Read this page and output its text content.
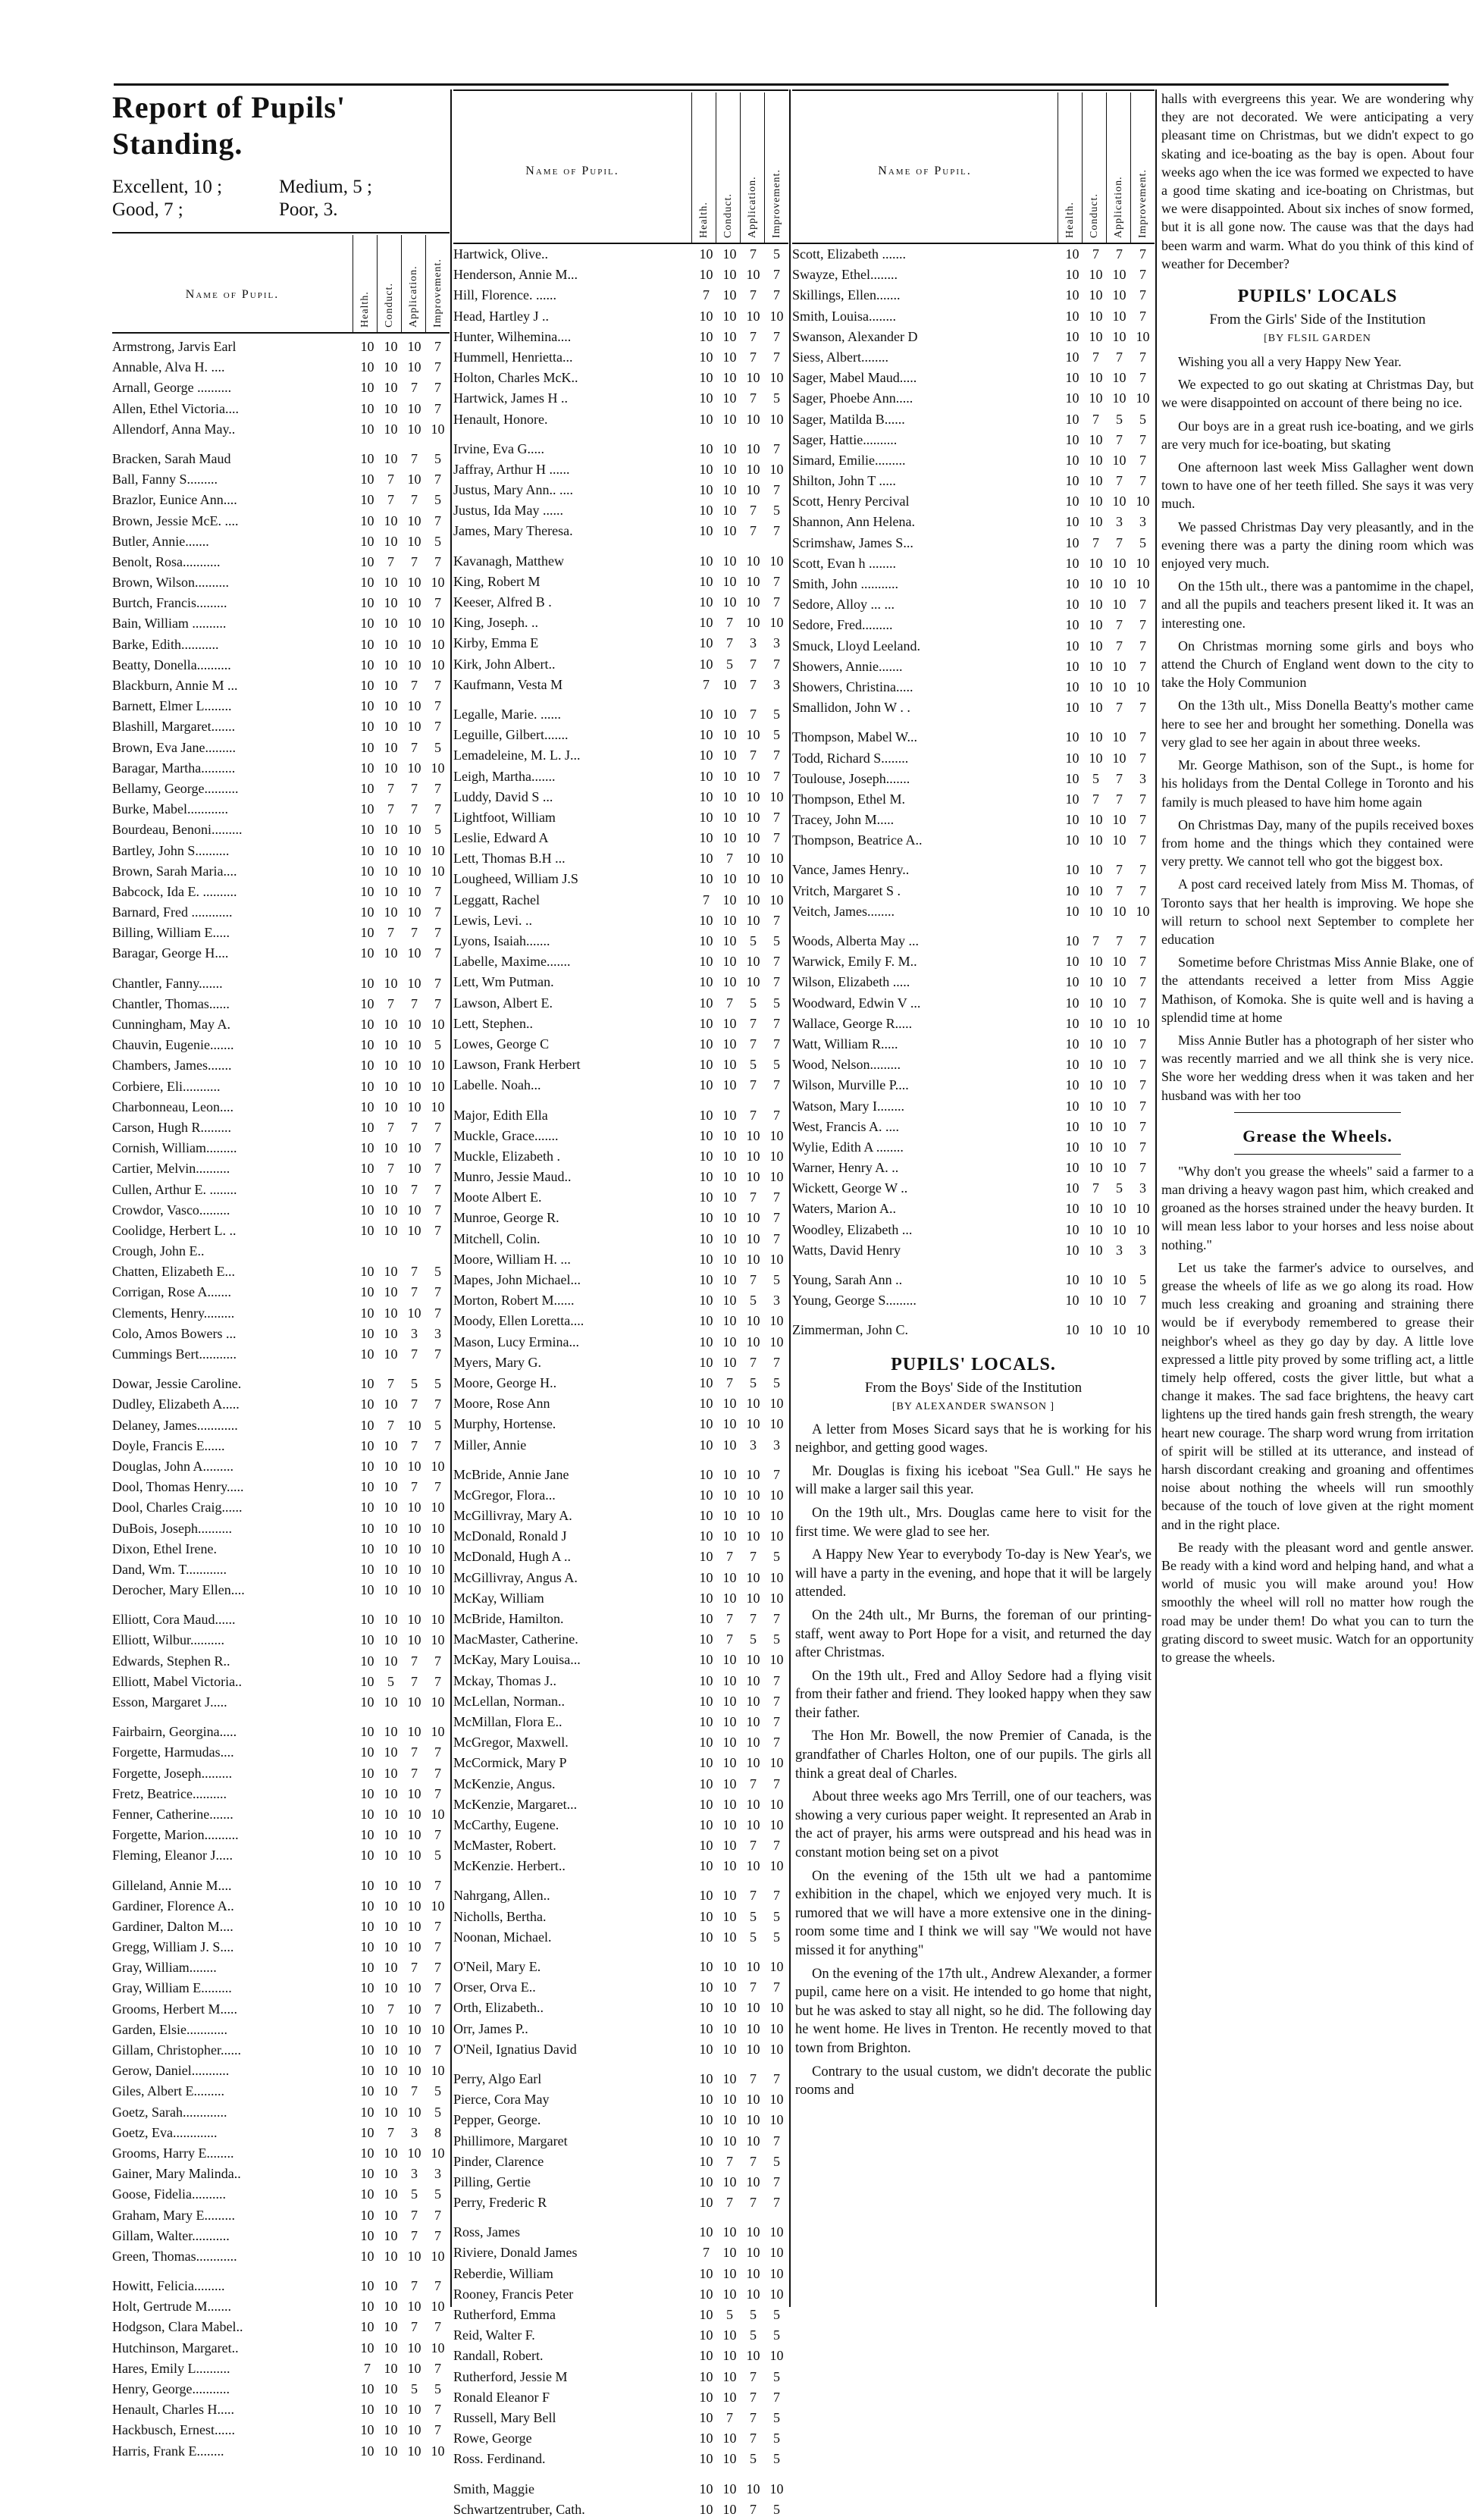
Report of Pupils' Standing.
Excellent, 10 ;	Medium, 5 ;
Good, 7 ;	Poor, 3.
Name of Pupil.	Health. Conduct. Application. Improvement.
Armstrong, Jarvis Earl	10 10 10 7
Annable, Alva H. ....	10 10 10 7
Arnall, George ..........	10 10 7	7
Allen, Ethel Victoria....	10 10 10 7
Allendorf, Anna May..	10 10 10 10
Bracken, Sarah Maud	10 10 7	5
Ball, Fanny S.........	10 7 10 7
Brazlor, Eunice Ann....	10 7	7	5
Brown, Jessie McE. ....	10 10 10 7
Butler, Annie.......	10 10 10 5
Benolt, Rosa...........	10 7	7	7
Brown, Wilson..........	10 10 10 10
Burtch, Francis.........	10 10 10 7
Bain, William ..........	10 10 10 10
Barke, Edith...........	10 10 10 10
Beatty, Donella..........	10 10 10 10
Blackburn, Annie M ...	10 10 7	7
Barnett, Elmer L........	10 10 10 7
Blashill, Margaret.......	10 10 10 7
Brown, Eva Jane.........	10 10 7	5
Baragar, Martha..........	10 10 10 10
Bellamy, George..........	10 7	7	7
Burke, Mabel............	10 7	7	7
Bourdeau, Benoni.........	10 10 10 5
Bartley, John S..........	10 10 10 10
Brown, Sarah Maria....	10 10 10 10
Babcock, Ida E. ..........	10 10 10 7
Barnard, Fred ............	10 10 10 7
Billing, William E.....	10 7	7	7
Baragar, George H....	10 10 10 7
Chantler, Fanny.......	10 10 10 7
Chantler, Thomas......	10 7	7	7
Cunningham, May A.	10 10 10 10
Chauvin, Eugenie.......	10 10 10 5
Chambers, James.......	10 10 10 10
Corbiere, Eli...........	10 10 10 10
Charbonneau, Leon....	10 10 10 10
Carson, Hugh R.........	10 7	7	7
Cornish, William.........	10 10 10 7
Cartier, Melvin..........	10 7 10 7
Cullen, Arthur E. ........	10 10 7	7
Crowdor, Vasco.........	10 10 10 7
Coolidge, Herbert L. ..	10 10 10 7
Crough, John E..
Chatten, Elizabeth E...	10 10 7	5
Corrigan, Rose A.......	10 10 7	7
Clements, Henry.........	10 10 10 7
Colo, Amos Bowers ...	10 10 3	3
Cummings Bert...........	10 10 7	7
Dowar, Jessie Caroline.	10 7	5	5
Dudley, Elizabeth A.....	10 10 7	7
Delaney, James............	10 7 10 5
Doyle, Francis E......	10 10 7	7
Douglas, John A.........	10 10 10 10
Dool, Thomas Henry.....	10 10 7	7
Dool, Charles Craig......	10 10 10 10
DuBois, Joseph..........	10 10 10 10
Dixon, Ethel Irene.	10 10 10 10
Dand, Wm. T............	10 10 10 10
Derocher, Mary Ellen....	10 10 10 10
Elliott, Cora Maud......	10 10 10 10
Elliott, Wilbur..........	10 10 10 10
Edwards, Stephen R..	10 10 7	7
Elliott, Mabel Victoria..	10 5	7	7
Esson, Margaret J.....	10 10 10 10
Fairbairn, Georgina.....	10 10 10 10
Forgette, Harmudas....	10 10 7	7
Forgette, Joseph.........	10 10 7	7
Fretz, Beatrice..........	10 10 10 7
Fenner, Catherine.......	10 10 10 10
Forgette, Marion..........	10 10 10 7
Fleming, Eleanor J.....	10 10 10 5
Gilleland, Annie M....	10 10 10 7
Gardiner, Florence A..	10 10 10 10
Gardiner, Dalton M....	10 10 10 7
Gregg, William J. S....	10 10 10 7
Gray, William........	10 10 7	7
Gray, William E.........	10 10 10 7
Grooms, Herbert M.....	10 7 10 7
Garden, Elsie............	10 10 10 10
Gillam, Christopher......	10 10 10 7
Gerow, Daniel...........	10 10 10 10
Giles, Albert E.........	10 10 7	5
Goetz, Sarah.............	10 10 10 5
Goetz, Eva.............	10 7	3	8
Grooms, Harry E........	10 10 10 10
Gainer, Mary Malinda..	10 10 3	3
Goose, Fidelia..........	10 10 5	5
Graham, Mary E.........	10 10 7	7
Gillam, Walter...........	10 10 7	7
Green, Thomas............	10 10 10 10
Howitt, Felicia.........	10 10 7	7
Holt, Gertrude M.......	10 10 10 10
Hodgson, Clara Mabel..	10 10 7	7
Hutchinson, Margaret..	10 10 10 10
Hares, Emily L..........	7 10 10 7
Henry, George...........	10 10 5	5
Henault, Charles H.....	10 10 10 7
Hackbusch, Ernest......	10 10 10 7
Harris, Frank E........	10 10 10 10
Name of Pupil.
Health. Conduct. Application. Improvement.
Hartwick, Olive..	10 10 7	5
Henderson, Annie M...	10 10 10 7
Hill, Florence. ......	7 10 7	7
Head, Hartley J ..	10 10 10 10
Hunter, Wilhemina....	10 10 7	7
Hummell, Henrietta...	10 10 7	7
Holton, Charles McK..	10 10 10 10
Hartwick, James H ..	10 10 7	5
Henault, Honore.	10 10 10 10
Irvine, Eva G.....	10 10 10 7
Jaffray, Arthur H ......	10 10 10 10
Justus, Mary Ann.. ....	10 10 10 7
Justus, Ida May ......	10 10 7	5
James, Mary Theresa.	10 10 7	7
Kavanagh, Matthew	10 10 10 10
King, Robert M	10 10 10 7
Keeser, Alfred B .	10 10 10 7
King, Joseph. ..	10 7 10 10
Kirby, Emma E	10 7	3	3
Kirk, John Albert..	10 5	7	7
Kaufmann, Vesta M	7 10 7	3
Legalle, Marie. ......	10 10 7	5
Leguille, Gilbert.......	10 10 10 5
Lemadeleine, M. L. J...	10 10 7	7
Leigh, Martha.......	10 10 10 7
Luddy, David S ...	10 10 10 10
Lightfoot, William	10 10 10 7
Leslie, Edward A	10 10 10 7
Lett, Thomas B.H ...	10 7 10 10
Lougheed, William J.S	10 10 10 10
Leggatt, Rachel	7 10 10 10
Lewis, Levi. ..	10 10 10 7
Lyons, Isaiah.......	10 10 5	5
Labelle, Maxime.......	10 10 10 7
Lett, Wm Putman.	10 10 10 7
Lawson, Albert E.	10 7	5	5
Lett, Stephen..	10 10 7	7
Lowes, George C	10 10 7	7
Lawson, Frank Herbert	10 10 5	5
Labelle. Noah...	10 10 7	7
Major, Edith Ella	10 10 7	7
Muckle, Grace.......	10 10 10 10
Muckle, Elizabeth .	10 10 10 10
Munro, Jessie Maud..	10 10 10 10
Moote Albert E.	10 10 7	7
Munroe, George R.	10 10 10 7
Mitchell, Colin.	10 10 10 7
Moore, William H. ...	10 10 10 10
Mapes, John Michael...	10 10 7	5
Morton, Robert M......	10 10 5	3
Moody, Ellen Loretta....	10 10 10 10
Mason, Lucy Ermina...	10 10 10 10
Myers, Mary G.	10 10 7	7
Moore, George H..	10 7	5	5
Moore, Rose Ann	10 10 10 10
Murphy, Hortense.	10 10 10 10
Miller, Annie	10 10 3	3
McBride, Annie Jane	10 10 10 7
McGregor, Flora...	10 10 10 10
McGillivray, Mary A.	10 10 10 10
McDonald, Ronald J	10 10 10 10
McDonald, Hugh A ..	10 7	7	5
McGillivray, Angus A.	10 10 10 10
McKay, William	10 10 10 10
McBride, Hamilton.	10 7	7	7
MacMaster, Catherine.	10 7	5	5
McKay, Mary Louisa...	10 10 10 10
Mckay, Thomas J..	10 10 10 7
McLellan, Norman..	10 10 10 7
McMillan, Flora E..	10 10 10 7
McGregor, Maxwell.	10 10 10 7
McCormick, Mary P	10 10 10 10
McKenzie, Angus.	10 10 7	7
McKenzie, Margaret...	10 10 10 10
McCarthy, Eugene.	10 10 10 10
McMaster, Robert.	10 10 7	7
McKenzie. Herbert..	10 10 10 10
Nahrgang, Allen..	10 10 7	7
Nicholls, Bertha.	10 10 5	5
Noonan, Michael.	10 10 5	5
O'Neil, Mary E.	10 10 10 10
Orser, Orva E..	10 10 7	7
Orth, Elizabeth..	10 10 10 10
Orr, James P..	10 10 10 10
O'Neil, Ignatius David	10 10 10 10
Perry, Algo Earl	10 10 7	7
Pierce, Cora May	10 10 10 10
Pepper, George.	10 10 10 10
Phillimore, Margaret	10 10 10 7
Pinder, Clarence	10 7	7	5
Pilling, Gertie	10 10 10 7
Perry, Frederic R	10 7	7	7
Ross, James	10 10 10 10
Riviere, Donald James	7 10 10 10
Reberdie, William	10 10 10 10
Rooney, Francis Peter	10 10 10 10
Rutherford, Emma	10 5	5	5
Reid, Walter F.	10 10 5	5
Randall, Robert.	10 10 10 10
Rutherford, Jessie M	10 10 7	5
Ronald Eleanor F	10 10 7	7
Russell, Mary Bell	10 7	7	5
Rowe, George	10 10 7	5
Ross. Ferdinand.	10 10 5	5
Smith, Maggie	10 10 10 10
Schwartzentruber, Cath.	10 10 7	5
Name of Pupil.
Health. Conduct. Application. Improvement.
Scott, Elizabeth .......	10 7	7	7
Swayze, Ethel........	10 10 10 7
Skillings, Ellen.......	10 10 10 7
Smith, Louisa........	10 10 10 7
Swanson, Alexander D	10 10 10 10
Siess, Albert........	10 7	7	7
Sager, Mabel Maud.....	10 10 10 7
Sager, Phoebe Ann.....	10 10 10 10
Sager, Matilda B......	10 7	5	5
Sager, Hattie..........	10 10 7	7
Simard, Emilie.........	10 10 10 7
Shilton, John T .....	10 10 7	7
Scott, Henry Percival	10 10 10 10
Shannon, Ann Helena.	10 10 3	3
Scrimshaw, James S...	10 7	7	5
Scott, Evan h ........	10 10 10 10
Smith, John ...........	10 10 10 10
Sedore, Alloy ... ...	10 10 10 7
Sedore, Fred.........	10 10 7	7
Smuck, Lloyd Leeland.	10 10 7	7
Showers, Annie.......	10 10 10 7
Showers, Christina.....	10 10 10 10
Smallidon, John W . .	10 10 7	7
Thompson, Mabel W...	10 10 10 7
Todd, Richard S........	10 10 10 7
Toulouse, Joseph.......	10 5	7	3
Thompson, Ethel M.	10 7	7	7
Tracey, John M.....	10 10 10 7
Thompson, Beatrice A..	10 10 10 7
Vance, James Henry..	10 10 7	7
Vritch, Margaret S .	10 10 7	7
Veitch, James........	10 10 10 10
Woods, Alberta May ...	10 7	7	7
Warwick, Emily F. M..	10 10 10 7
Wilson, Elizabeth .....	10 10 10 7
Woodward, Edwin V ...	10 10 10 7
Wallace, George R.....	10 10 10 10
Watt, William R.....	10 10 10 7
Wood, Nelson.........	10 10 10 7
Wilson, Murville P....	10 10 10 7
Watson, Mary I........	10 10 10 7
West, Francis A. ....	10 10 10 7
Wylie, Edith A ........	10 10 10 7
Warner, Henry A. ..	10 10 10 7
Wickett, George W ..	10 7	5	3
Waters, Marion A..	10 10 10 10
Woodley, Elizabeth ...	10 10 10 10
Watts, David Henry	10 10 3	3
Young, Sarah Ann ..	10 10 10 5
Young, George S.........	10 10 10 7
Zimmerman, John C.	10 10 10 10
PUPILS' LOCALS.
From the Boys' Side of the Institution
[BY ALEXANDER SWANSON ]

A letter from Moses Sicard says that he is working for his neighbor, and getting good wages.

Mr. Douglas is fixing his iceboat "Sea Gull." He says he will make a larger sail this year.

On the 19th ult., Mrs. Douglas came here to visit for the first time. We were glad to see her.

A Happy New Year to everybody To-day is New Year's, we will have a party in the evening, and hope that it will be largely attended.

On the 24th ult., Mr Burns, the foreman of our printing-staff, went away to Port Hope for a visit, and returned the day after Christmas.

On the 19th ult., Fred and Alloy Sedore had a flying visit from their father and friend. They looked happy when they saw their father.

The Hon Mr. Bowell, the now Premier of Canada, is the grandfather of Charles Holton, one of our pupils. The girls all think a great deal of Charles.

About three weeks ago Mrs Terrill, one of our teachers, was showing a very curious paper weight. It represented an Arab in the act of prayer, his arms were outspread and his head was in constant motion being set on a pivot

On the evening of the 15th ult we had a pantomime exhibition in the chapel, which we enjoyed very much. It is rumored that we will have a more extensive one in the dining-room some time and I think we will say "We would not have missed it for anything"

On the evening of the 17th ult., Andrew Alexander, a former pupil, came here on a visit. He intended to go home that night, but he was asked to stay all night, so he did. The following day he went home. He lives in Trenton. He recently moved to that town from Brighton.

Contrary to the usual custom, we didn't decorate the public rooms and

halls with evergreens this year. We are wondering why they are not decorated. We were anticipating a very pleasant time on Christmas, but we didn't expect to go skating and ice-boating as the bay is open. About four weeks ago when the ice was formed we expected to have a good time skating and ice-boating on Christmas, but we were disappointed. About six inches of snow formed, but it is all gone now. The cause was that the days had been warm and warm. What do you think of this kind of weather for December?

PUPILS' LOCALS
From the Girls' Side of the Institution
[BY FLSIL GARDEN

Wishing you all a very Happy New Year.

We expected to go out skating at Christmas Day, but we were disappointed on account of there being no ice.

Our boys are in a great rush ice-boating, and we girls are very much for ice-boating, but skating

One afternoon last week Miss Gallagher went down town to have one of her teeth filled. She says it was very much.

We passed Christmas Day very pleasantly, and in the evening there was a party the dining room which was enjoyed very much.

On the 15th ult., there was a pantomime in the chapel, and all the pupils and teachers present liked it. It was an interesting one.

On Christmas morning some girls and boys who attend the Church of England went down to the city to take the Holy Communion

On the 13th ult., Miss Donella Beatty's mother came here to see her and brought her something. Donella was very glad to see her again in about three weeks.

Mr. George Mathison, son of the Supt., is home for his holidays from the Dental College in Toronto and his family is much pleased to have him home again

On Christmas Day, many of the pupils received boxes from home and the things which they contained were very pretty. We cannot tell who got the biggest box.

A post card received lately from Miss M. Thomas, of Toronto says that her health is improving. We hope she will return to school next September to complete her education

Sometime before Christmas Miss Annie Blake, one of the attendants received a letter from Miss Aggie Mathison, of Komoka. She is quite well and is having a splendid time at home

Miss Annie Butler has a photograph of her sister who was recently married and we all think she is very nice. She wore her wedding dress when it was taken and her husband was with her too

Grease the Wheels.

"Why don't you grease the wheels" said a farmer to a man driving a heavy wagon past him, which creaked and groaned as the horses strained under the heavy burden. It will mean less labor to your horses and less noise about nothing."

Let us take the farmer's advice to ourselves, and grease the wheels of life as we go along its road. How much less creaking and groaning and straining there would be if everybody remembered to grease their neighbor's wheel as they go day by day. A little love expressed a little pity proved by some trifling act, a little timely help offered, costs the giver little, but what a change it makes. The sad face brightens, the heavy cart lightens up the tired hands gain fresh strength, the weary heart new courage. The sharp word wrung from irritation of spirit will be stilled at its utterance, and instead of harsh discordant creaking and groaning and offentimes noise about nothing the wheels will run smoothly because of the touch of love given at the right moment and in the right place.

Be ready with the pleasant word and gentle answer. Be ready with a kind word and helping hand, and what a world of music you will make around you! How smoothly the wheel will roll no matter how rough the road may be under them! Do what you can to turn the grating discord to sweet music. Watch for an opportunity to grease the wheels.
